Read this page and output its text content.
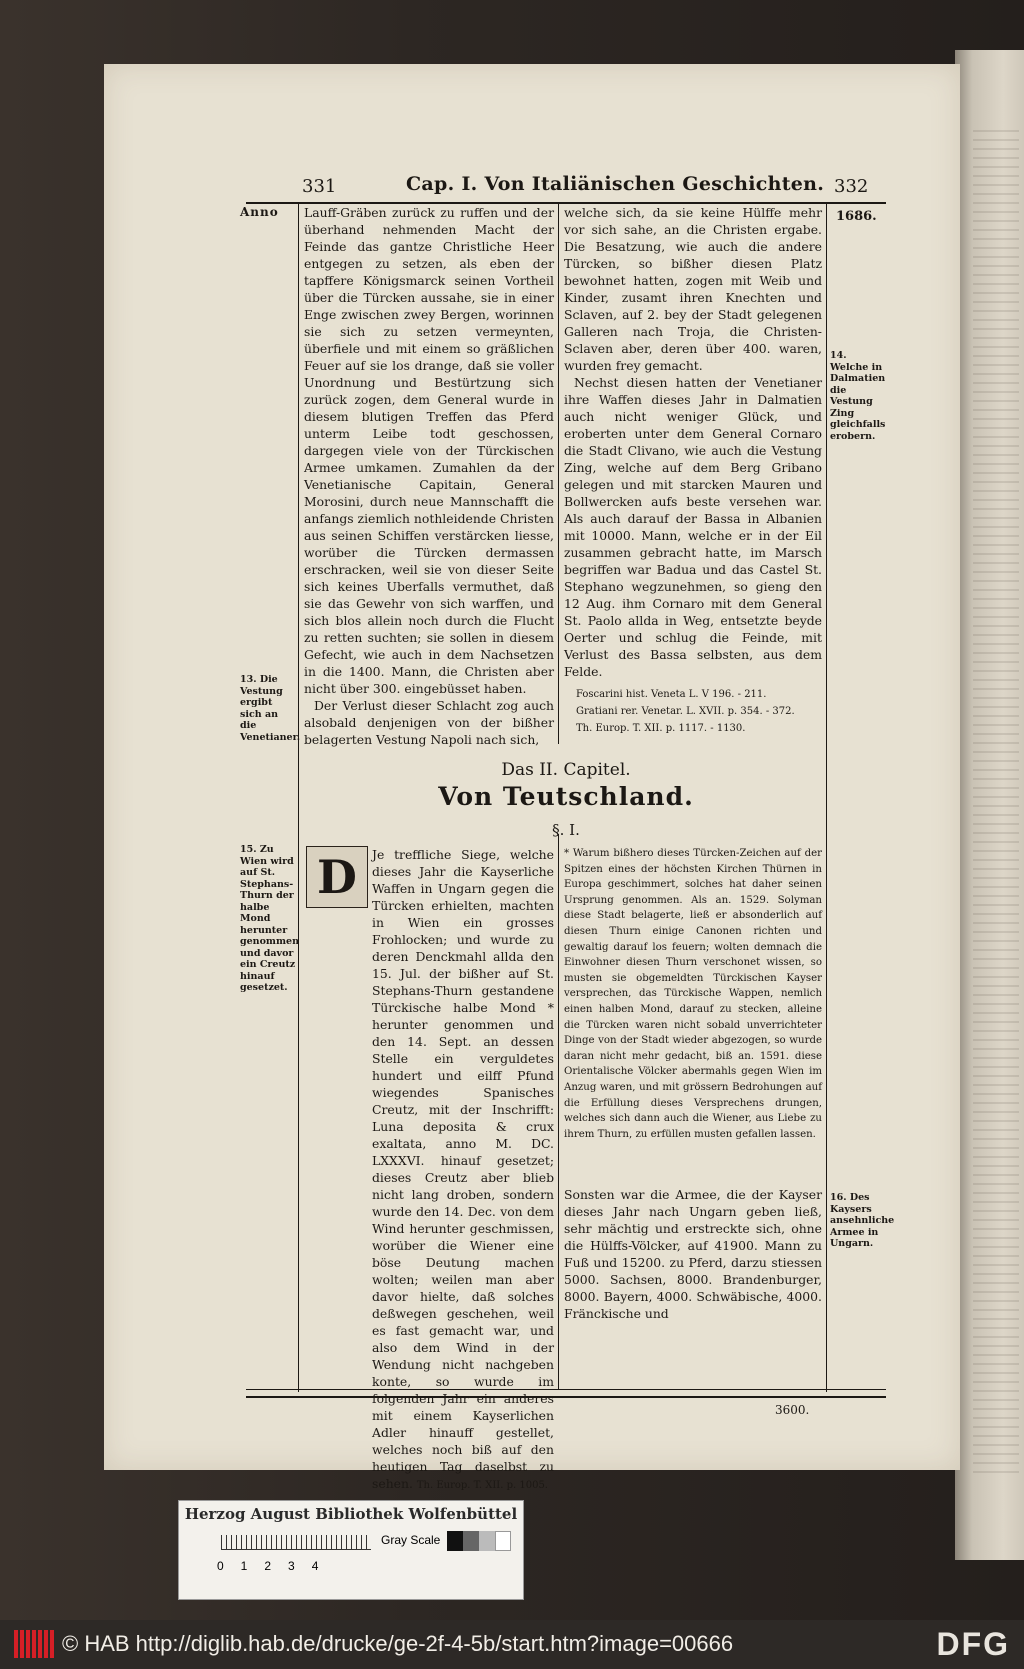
331	Cap. I. Von Italiänischen Geschichten. 332
Anno	1686.

Lauff-Gräben zurück zu ruffen und der überhand nehmenden Macht der Feinde das gantze Christliche Heer entgegen zu setzen, als eben der tapffere Königsmarck seinen Vortheil über die Türcken aussahe, sie in einer Enge zwischen zwey Bergen, worinnen sie sich zu setzen vermeynten, überfiele und mit einem so gräßlichen Feuer auf sie los drange, daß sie voller Unordnung und Bestürtzung sich zurück zogen, dem General wurde in diesem blutigen Treffen das Pferd unterm Leibe todt geschossen, dargegen viele von der Türckischen Armee umkamen. Zumahlen da der Venetianische Capitain, General Morosini, durch neue Mannschafft die anfangs ziemlich nothleidende Christen aus seinen Schiffen verstärcken liesse, worüber die Türcken dermassen erschracken, weil sie von dieser Seite sich keines Uberfalls vermuthet, daß sie das Gewehr von sich warffen, und sich blos allein noch durch die Flucht zu retten suchten; sie sollen in diesem Gefecht, wie auch in dem Nachsetzen in die 1400. Mann, die Christen aber nicht über 300. eingebüsset haben.

Der Verlust dieser Schlacht zog auch alsobald denjenigen von der bißher belagerten Vestung Napoli nach sich,

welche sich, da sie keine Hülffe mehr vor sich sahe, an die Christen ergabe. Die Besatzung, wie auch die andere Türcken, so bißher diesen Platz bewohnet hatten, zogen mit Weib und Kinder, zusamt ihren Knechten und Sclaven, auf 2. bey der Stadt gelegenen Galleren nach Troja, die Christen-Sclaven aber, deren über 400. waren, wurden frey gemacht.

Nechst diesen hatten der Venetianer ihre Waffen dieses Jahr in Dalmatien auch nicht weniger Glück, und eroberten unter dem General Cornaro die Stadt Clivano, wie auch die Vestung Zing, welche auf dem Berg Gribano gelegen und mit starcken Mauren und Bollwercken aufs beste versehen war. Als auch darauf der Bassa in Albanien mit 10000. Mann, welche er in der Eil zusammen gebracht hatte, im Marsch begriffen war Badua und das Castel St. Stephano wegzunehmen, so gieng den 12 Aug. ihm Cornaro mit dem General St. Paolo allda in Weg, entsetzte beyde Oerter und schlug die Feinde, mit Verlust des Bassa selbsten, aus dem Felde.

Foscarini hist. Veneta L. V 196. - 211.
Gratiani rer. Venetar. L. XVII. p. 354. - 372.
Th. Europ. T. XII. p. 1117. - 1130.
14. Welche in Dalmatien die Vestung Zing gleichfalls erobern.
13. Die Vestung ergibt sich an die Venetianer.
Das II. Capitel.
Von Teutschland.
§. I.
15. Zu Wien wird auf St. Stephans-Thurn der halbe Mond herunter genommen und davor ein Creutz hinauf gesetzet.
D	Je treffliche Siege, welche dieses Jahr die Kayserliche Waffen in Ungarn gegen die Türcken erhielten, machten in Wien ein grosses Frohlocken; und wurde zu deren Denckmahl allda den 15. Jul. der bißher auf St. Stephans-Thurn gestandene Türckische halbe Mond * herunter genommen und den 14. Sept. an dessen Stelle ein verguldetes hundert und eilff Pfund wiegendes Spanisches Creutz, mit der Inschrifft: Luna deposita & crux exaltata, anno M. DC. LXXXVI. hinauf gesetzet; dieses Creutz aber blieb nicht lang droben, sondern wurde den 14. Dec. von dem Wind herunter geschmissen, worüber die Wiener eine böse Deutung machen wolten; weilen man aber davor hielte, daß solches deßwegen geschehen, weil es fast gemacht war, und also dem Wind in der Wendung nicht nachgeben konte, so wurde im folgenden Jahr ein anderes mit einem Kayserlichen Adler hinauff gestellet, welches noch biß auf den heutigen Tag daselbst zu sehen. Th. Europ. T. XII. p. 1005.

* Warum bißhero dieses Türcken-Zeichen auf der Spitzen eines der höchsten Kirchen Thürnen in Europa geschimmert, solches hat daher seinen Ursprung genommen. Als an. 1529. Solyman diese Stadt belagerte, ließ er absonderlich auf diesen Thurn einige Canonen richten und gewaltig darauf los feuern; wolten demnach die Einwohner diesen Thurn verschonet wissen, so musten sie obgemeldten Türckischen Kayser versprechen, das Türckische Wappen, nemlich einen halben Mond, darauf zu stecken, alleine die Türcken waren nicht sobald unverrichteter Dinge von der Stadt wieder abgezogen, so wurde daran nicht mehr gedacht, biß an. 1591. diese Orientalische Völcker abermahls gegen Wien im Anzug waren, und mit grössern Bedrohungen auf die Erfüllung dieses Versprechens drungen, welches sich dann auch die Wiener, aus Liebe zu ihrem Thurn, zu erfüllen musten gefallen lassen.

Sonsten war die Armee, die der Kayser dieses Jahr nach Ungarn geben ließ, sehr mächtig und erstreckte sich, ohne die Hülffs-Völcker, auf 41900. Mann zu Fuß und 15200. zu Pferd, darzu stiessen 5000. Sachsen, 8000. Brandenburger, 8000. Bayern, 4000. Schwäbische, 4000. Fränckische und

16. Des Kaysers ansehnliche Armee in Ungarn.
3600.
Herzog August Bibliothek Wolfenbüttel
01234
Gray Scale
© HAB http://diglib.hab.de/drucke/ge-2f-4-5b/start.htm?image=00666	DFG
